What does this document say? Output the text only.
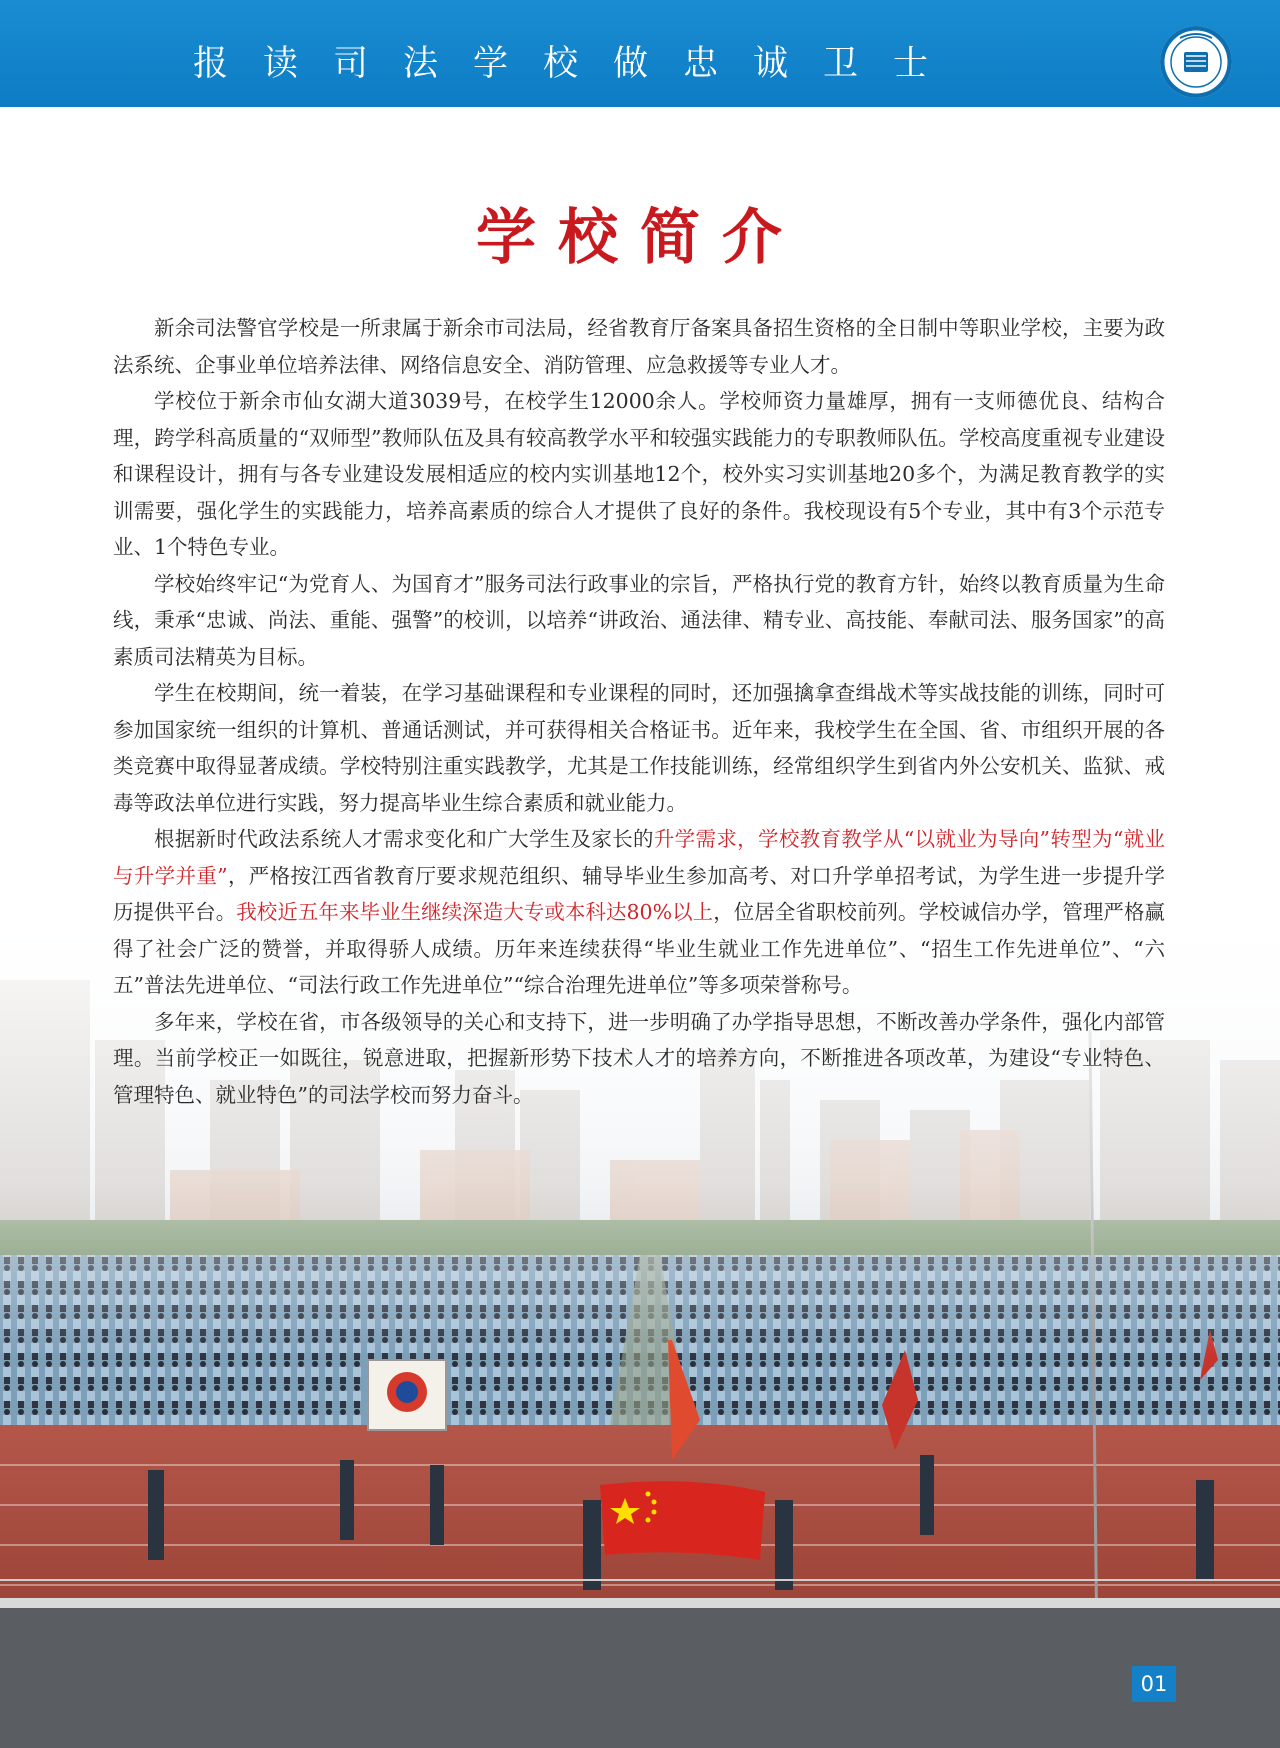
报读司法学校做忠诚卫士
学校简介

新余司法警官学校是一所隶属于新余市司法局，经省教育厅备案具备招生资格的全日制中等职业学校，主要为政法系统、企事业单位培养法律、网络信息安全、消防管理、应急救援等专业人才。

学校位于新余市仙女湖大道3039号，在校学生12000余人。学校师资力量雄厚，拥有一支师德优良、结构合理，跨学科高质量的“双师型”教师队伍及具有较高教学水平和较强实践能力的专职教师队伍。学校高度重视专业建设和课程设计，拥有与各专业建设发展相适应的校内实训基地12个，校外实习实训基地20多个，为满足教育教学的实训需要，强化学生的实践能力，培养高素质的综合人才提供了良好的条件。我校现设有5个专业，其中有3个示范专业、1个特色专业。

学校始终牢记“为党育人、为国育才”服务司法行政事业的宗旨，严格执行党的教育方针，始终以教育质量为生命线，秉承“忠诚、尚法、重能、强警”的校训，以培养“讲政治、通法律、精专业、高技能、奉献司法、服务国家”的高素质司法精英为目标。

学生在校期间，统一着装，在学习基础课程和专业课程的同时，还加强擒拿查缉战术等实战技能的训练，同时可参加国家统一组织的计算机、普通话测试，并可获得相关合格证书。近年来，我校学生在全国、省、市组织开展的各类竞赛中取得显著成绩。学校特别注重实践教学，尤其是工作技能训练，经常组织学生到省内外公安机关、监狱、戒毒等政法单位进行实践，努力提高毕业生综合素质和就业能力。

根据新时代政法系统人才需求变化和广大学生及家长的升学需求，学校教育教学从“以就业为导向”转型为“就业与升学并重”，严格按江西省教育厅要求规范组织、辅导毕业生参加高考、对口升学单招考试，为学生进一步提升学历提供平台。我校近五年来毕业生继续深造大专或本科达80%以上，位居全省职校前列。学校诚信办学，管理严格赢得了社会广泛的赞誉，并取得骄人成绩。历年来连续获得“毕业生就业工作先进单位”、“招生工作先进单位”、“六五”普法先进单位、“司法行政工作先进单位”“综合治理先进单位”等多项荣誉称号。

多年来，学校在省，市各级领导的关心和支持下，进一步明确了办学指导思想，不断改善办学条件，强化内部管理。当前学校正一如既往，锐意进取，把握新形势下技术人才的培养方向，不断推进各项改革，为建设“专业特色、管理特色、就业特色”的司法学校而努力奋斗。

01
